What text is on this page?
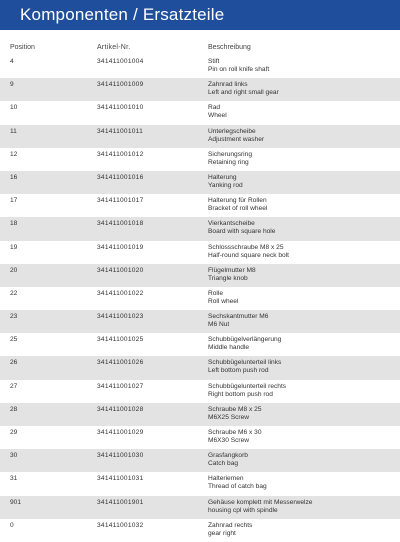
Komponenten / Ersatzteile
Position	Artikel-Nr.	Beschreibung
4	341411001004	Stift
Pin on roll knife shaft
9	341411001009	Zahnrad links
Left and right small gear
10	341411001010	Rad
Wheel
11	341411001011	Unterlegscheibe
Adjustment washer
12	341411001012	Sicherungsring
Retaining ring
16	341411001016	Halterung
Yanking rod
17	341411001017	Halterung für Rollen
Bracket of roll wheel
18	341411001018	Vierkantscheibe
Board with square hole
19	341411001019	Schlossschraube M8 x 25
Half-round square neck bolt
20	341411001020	Flügelmutter M8
Triangle knob
22	341411001022	Rolle
Roll wheel
23	341411001023	Sechskantmutter M6
M6 Nut
25	341411001025	Schubbügelverlängerung
Middle handle
26	341411001026	Schubbügelunterteil links
Left bottom push rod
27	341411001027	Schubbügelunterteil rechts
Right bottom push rod
28	341411001028	Schraube M8 x 25
M6X25 Screw
29	341411001029	Schraube M6 x 30
M6X30 Screw
30	341411001030	Grasfangkorb
Catch bag
31	341411001031	Halteriemen
Thread of catch bag
901	341411001901	Gehäuse komplett mit Messerwelze
housing cpl with spindle
0	341411001032	Zahnrad rechts
gear right
